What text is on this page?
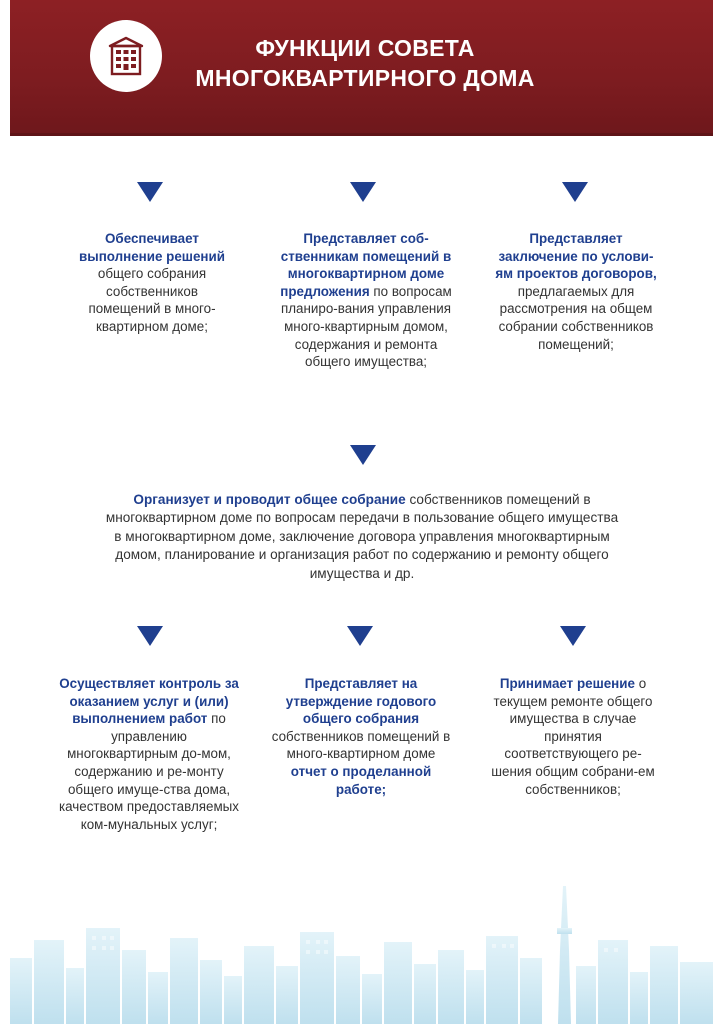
ФУНКЦИИ СОВЕТА
МНОГОКВАРТИРНОГО ДОМА
Обеспечивает выполнение решений общего собрания собственников помещений в много-квартирном доме;
Представляет соб-ственникам помещений в многоквартирном доме предложения по вопросам планиро-вания управления много-квартирным домом, содержания и ремонта общего имущества;
Представляет заключение по услови-ям проектов договоров, предлагаемых для рассмотрения на общем собрании собственников помещений;
Организует и проводит общее собрание собственников помещений в многоквартирном доме по вопросам передачи в пользование общего имущества в многоквартирном доме, заключение договора управления многоквартирным домом, планирование и организация работ по содержанию и ремонту общего имущества и др.
Осуществляет контроль за оказанием услуг и (или) выполнением работ по управлению многоквартирным до-мом, содержанию и ре-монту общего имуще-ства дома, качеством предоставляемых ком-мунальных услуг;
Представляет на утверждение годового общего собрания собственников помещений в много-квартирном доме отчет о проделанной работе;
Принимает решение о текущем ремонте общего имущества в случае принятия соответствующего ре-шения общим собрани-ем собственников;
